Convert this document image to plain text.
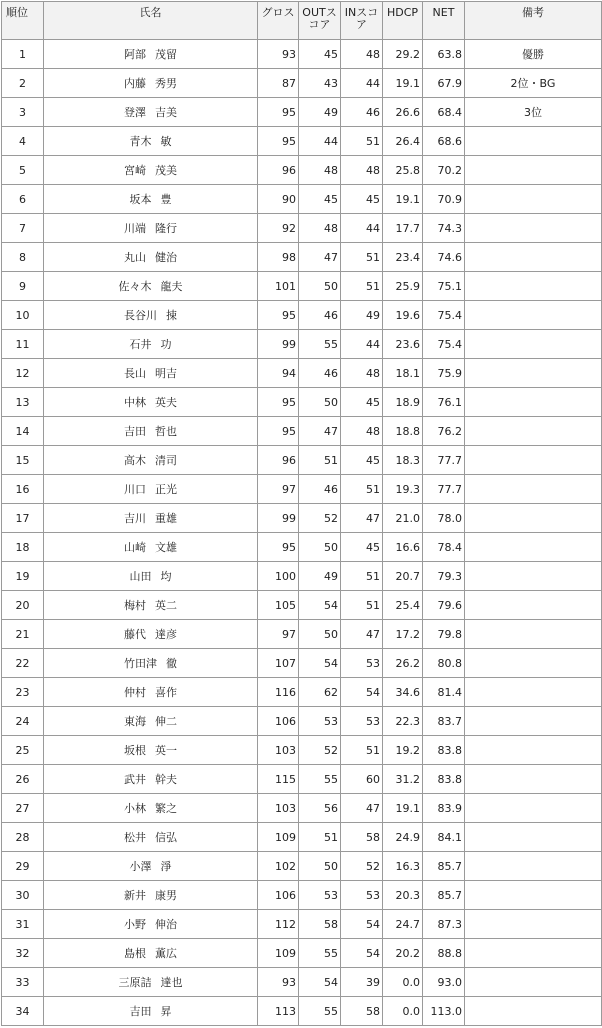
順位	氏名	グロス	OUTスコア	INスコア	HDCP	NET	備考
1	阿部 茂留	93	45	48	29.2	63.8	優勝
2	内藤 秀男	87	43	44	19.1	67.9	2位・BG
3	登澤 吉美	95	49	46	26.6	68.4	3位
4	青木 敏	95	44	51	26.4	68.6	
5	宮崎 茂美	96	48	48	25.8	70.2	
6	坂本 豊	90	45	45	19.1	70.9	
7	川端 隆行	92	48	44	17.7	74.3	
8	丸山 健治	98	47	51	23.4	74.6	
9	佐々木 龍夫	101	50	51	25.9	75.1	
10	長谷川 捒	95	46	49	19.6	75.4	
11	石井 功	99	55	44	23.6	75.4	
12	長山 明吉	94	46	48	18.1	75.9	
13	中林 英夫	95	50	45	18.9	76.1	
14	吉田 哲也	95	47	48	18.8	76.2	
15	高木 清司	96	51	45	18.3	77.7	
16	川口 正光	97	46	51	19.3	77.7	
17	吉川 重雄	99	52	47	21.0	78.0	
18	山崎 文雄	95	50	45	16.6	78.4	
19	山田 均	100	49	51	20.7	79.3	
20	梅村 英二	105	54	51	25.4	79.6	
21	藤代 達彦	97	50	47	17.2	79.8	
22	竹田津 徹	107	54	53	26.2	80.8	
23	仲村 喜作	116	62	54	34.6	81.4	
24	東海 伸二	106	53	53	22.3	83.7	
25	坂根 英一	103	52	51	19.2	83.8	
26	武井 幹夫	115	55	60	31.2	83.8	
27	小林 繁之	103	56	47	19.1	83.9	
28	松井 信弘	109	51	58	24.9	84.1	
29	小澤 淨	102	50	52	16.3	85.7	
30	新井 康男	106	53	53	20.3	85.7	
31	小野 伸治	112	58	54	24.7	87.3	
32	島根 薫広	109	55	54	20.2	88.8	
33	三原詰 達也	93	54	39	0.0	93.0	
34	吉田 昇	113	55	58	0.0	113.0	
